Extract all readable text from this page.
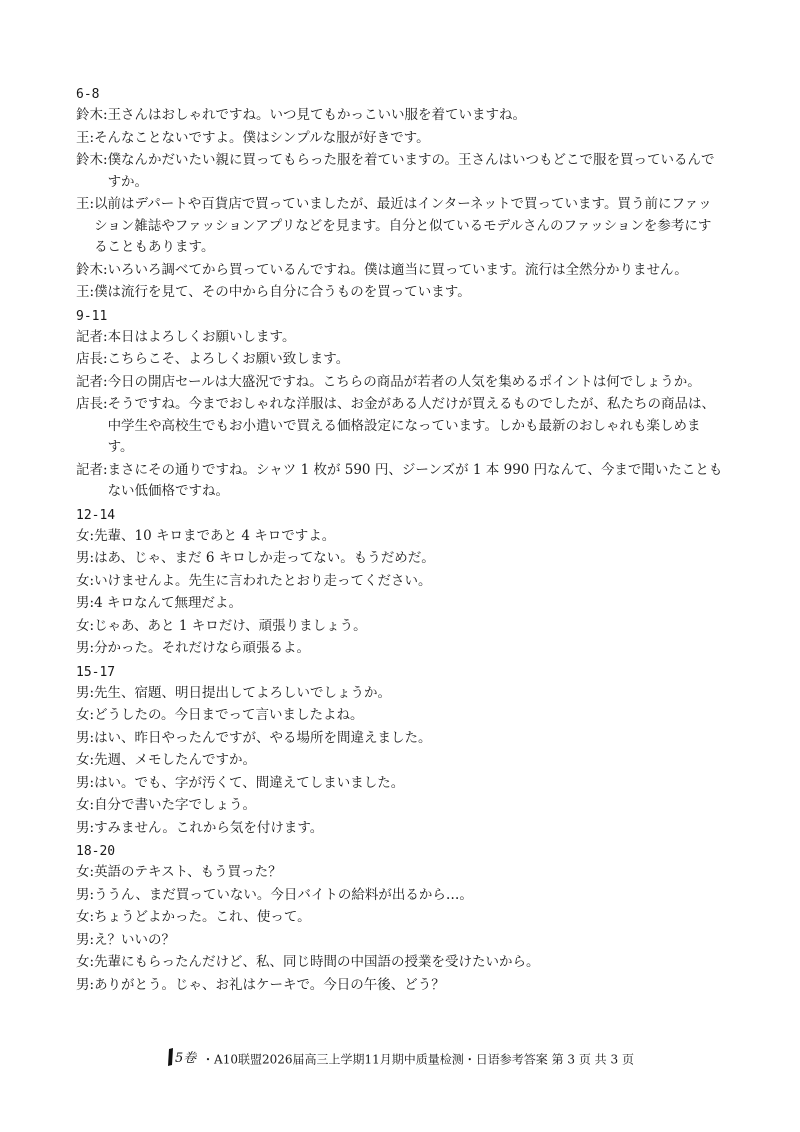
6-8
鈴木: 王さんはおしゃれですね。いつ見てもかっこいい服を着ていますね。
王: そんなことないですよ。僕はシンプルな服が好きです。
鈴木: 僕なんかだいたい親に買ってもらった服を着ていますの。王さんはいつもどこで服を買っているんですか。
王: 以前はデパートや百貨店で買っていましたが、最近はインターネットで買っています。買う前にファッション雑誌やファッションアプリなどを見ます。自分と似ているモデルさんのファッションを参考にすることもあります。
鈴木: いろいろ調べてから買っているんですね。僕は適当に買っています。流行は全然分かりません。
王: 僕は流行を見て、その中から自分に合うものを買っています。
9-11
記者: 本日はよろしくお願いします。
店長: こちらこそ、よろしくお願い致します。
記者: 今日の開店セールは大盛況ですね。こちらの商品が若者の人気を集めるポイントは何でしょうか。
店長: そうですね。今までおしゃれな洋服は、お金がある人だけが買えるものでしたが、私たちの商品は、中学生や高校生でもお小遣いで買える価格設定になっています。しかも最新のおしゃれも楽しめます。
記者: まさにその通りですね。シャツ 1 枚が 590 円、ジーンズが 1 本 990 円なんて、今まで聞いたこともない低価格ですね。
12-14
女: 先輩、10 キロまであと 4 キロですよ。
男: はあ、じゃ、まだ 6 キロしか走ってない。もうだめだ。
女: いけませんよ。先生に言われたとおり走ってください。
男: 4 キロなんて無理だよ。
女: じゃあ、あと 1 キロだけ、頑張りましょう。
男: 分かった。それだけなら頑張るよ。
15-17
男: 先生、宿題、明日提出してよろしいでしょうか。
女: どうしたの。今日までって言いましたよね。
男: はい、昨日やったんですが、やる場所を間違えました。
女: 先週、メモしたんですか。
男: はい。でも、字が汚くて、間違えてしまいました。
女: 自分で書いた字でしょう。
男: すみません。これから気を付けます。
18-20
女: 英語のテキスト、もう買った？
男: ううん、まだ買っていない。今日バイトの給料が出るから…。
女: ちょうどよかった。これ、使って。
男: え？いいの？
女: 先輩にもらったんだけど、私、同じ時間の中国語の授業を受けたいから。
男: ありがとう。じゃ、お礼はケーキで。今日の午後、どう？
5卷 ・A10联盟2026届高三上学期11月期中质量检测・日语参考答案 第 3 页 共 3 页
